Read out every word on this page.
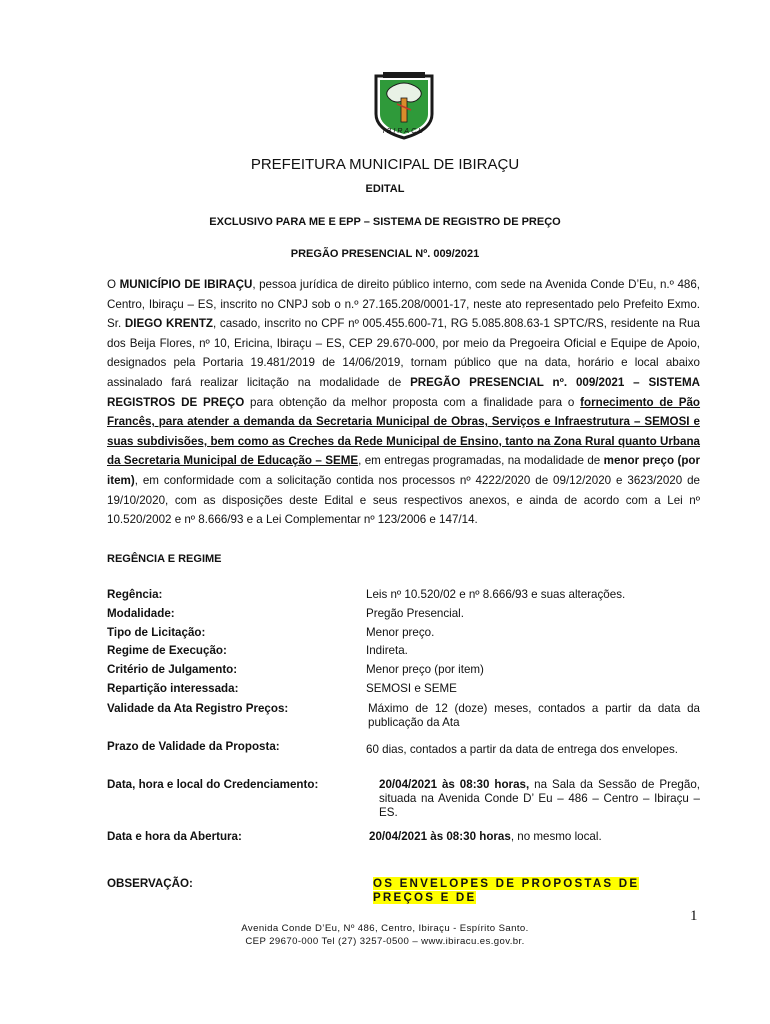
IBIRAÇU
PREFEITURA MUNICIPAL DE IBIRAÇU
EDITAL
EXCLUSIVO PARA ME E EPP – SISTEMA DE REGISTRO DE PREÇO
PREGÃO PRESENCIAL Nº. 009/2021
O MUNICÍPIO DE IBIRAÇU, pessoa jurídica de direito público interno, com sede na Avenida Conde D’Eu, n.º 486, Centro, Ibiraçu – ES, inscrito no CNPJ sob o n.º 27.165.208/0001-17, neste ato representado pelo Prefeito Exmo. Sr. DIEGO KRENTZ, casado, inscrito no CPF nº 005.455.600-71, RG 5.085.808.63-1 SPTC/RS, residente na Rua dos Beija Flores, nº 10, Ericina, Ibiraçu – ES, CEP 29.670-000, por meio da Pregoeira Oficial e Equipe de Apoio, designados pela Portaria 19.481/2019 de 14/06/2019, tornam público que na data, horário e local abaixo assinalado fará realizar licitação na modalidade de PREGÃO PRESENCIAL nº. 009/2021 – SISTEMA REGISTROS DE PREÇO para obtenção da melhor proposta com a finalidade para o fornecimento de Pão Francês, para atender a demanda da Secretaria Municipal de Obras, Serviços e Infraestrutura – SEMOSI e suas subdivisões, bem como as Creches da Rede Municipal de Ensino, tanto na Zona Rural quanto Urbana da Secretaria Municipal de Educação – SEME, em entregas programadas, na modalidade de menor preço (por item), em conformidade com a solicitação contida nos processos nº 4222/2020 de 09/12/2020 e 3623/2020 de 19/10/2020, com as disposições deste Edital e seus respectivos anexos, e ainda de acordo com a Lei nº 10.520/2002 e nº 8.666/93 e a Lei Complementar nº 123/2006 e 147/14.
REGÊNCIA E REGIME
Regência:	Leis nº 10.520/02 e nº 8.666/93 e suas alterações.
Modalidade:	Pregão Presencial.
Tipo de Licitação:	Menor preço.
Regime de Execução:	Indireta.
Critério de Julgamento:	Menor preço (por item)
Repartição interessada:	SEMOSI e SEME
Validade da Ata Registro Preços:	Máximo de 12 (doze) meses, contados a partir da data da publicação da Ata
Prazo de Validade da Proposta:	60 dias, contados a partir da data de entrega dos envelopes.
Data, hora e local do Credenciamento:	20/04/2021 às 08:30 horas, na Sala da Sessão de Pregão, situada na Avenida Conde D’ Eu – 486 – Centro – Ibiraçu – ES.
Data e hora da Abertura:	20/04/2021 às 08:30 horas, no mesmo local.
OBSERVAÇÃO:	OS ENVELOPES DE PROPOSTAS DE PREÇOS E DE
1
Avenida Conde D’Eu, Nº 486, Centro, Ibiraçu - Espírito Santo.
CEP 29670-000 Tel (27) 3257-0500 – www.ibiracu.es.gov.br.
